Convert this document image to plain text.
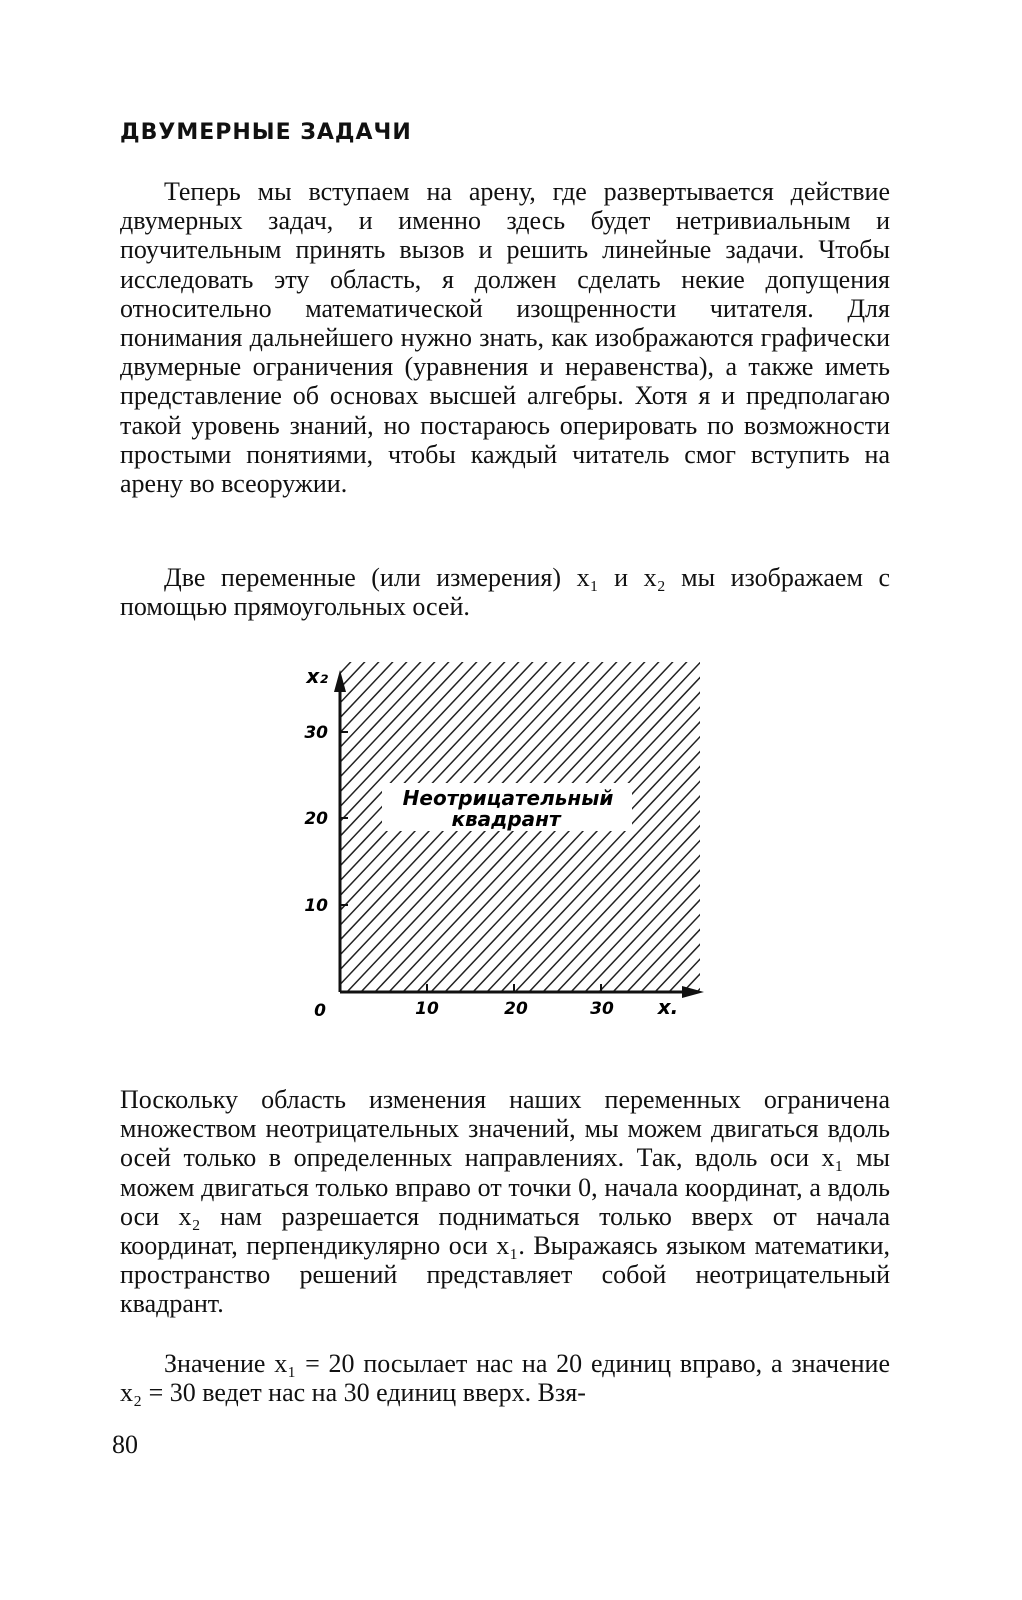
ДВУМЕРНЫЕ ЗАДАЧИ

Теперь мы вступаем на арену, где развертывается действие двумерных задач, и именно здесь будет нетривиальным и поучительным принять вызов и решить линейные задачи. Чтобы исследовать эту область, я должен сделать некие допущения относительно математической изощренности читателя. Для понимания дальнейшего нужно знать, как изображаются графически двумерные ограничения (уравнения и неравенства), а также иметь представление об основах высшей алгебры. Хотя я и предполагаю такой уровень знаний, но постараюсь оперировать по возможности простыми понятиями, чтобы каждый читатель смог вступить на арену во всеоружии.

Две переменные (или измерения) x₁ и x₂ мы изображаем с помощью прямоугольных осей.

x₂
30
20
10
0	10	20	30 x.
Неотрицательный
квадрант

Поскольку область изменения наших переменных ограничена множеством неотрицательных значений, мы можем двигаться вдоль осей только в определенных направлениях. Так, вдоль оси x₁ мы можем двигаться только вправо от точки 0, начала координат, а вдоль оси x₂ нам разрешается подниматься только вверх от начала координат, перпендикулярно оси x₁. Выражаясь языком математики, пространство решений представляет собой неотрицательный квадрант.

Значение x₁ = 20 посылает нас на 20 единиц вправо, а значение x₂ = 30 ведет нас на 30 единиц вверх. Взя-

80
